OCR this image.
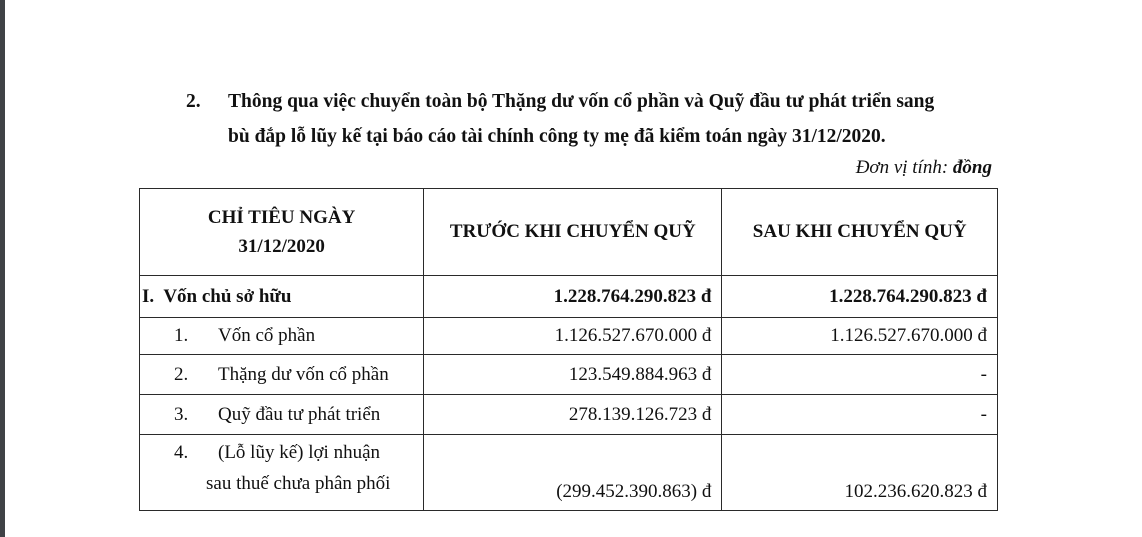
2. Thông qua việc chuyển toàn bộ Thặng dư vốn cổ phần và Quỹ đầu tư phát triển sang
bù đắp lỗ lũy kế tại báo cáo tài chính công ty mẹ đã kiểm toán ngày 31/12/2020.
Đơn vị tính: đồng
CHỈ TIÊU NGÀY
31/12/2020	TRƯỚC KHI CHUYỂN QUỸ	SAU KHI CHUYỂN QUỸ
I. Vốn chủ sở hữu	1.228.764.290.823 đ	1.228.764.290.823 đ
1. Vốn cổ phần	1.126.527.670.000 đ	1.126.527.670.000 đ
2. Thặng dư vốn cổ phần	123.549.884.963 đ	-
3. Quỹ đầu tư phát triển	278.139.126.723 đ	-
4. (Lỗ lũy kế) lợi nhuận
sau thuế chưa phân phối	(299.452.390.863) đ	102.236.620.823 đ
